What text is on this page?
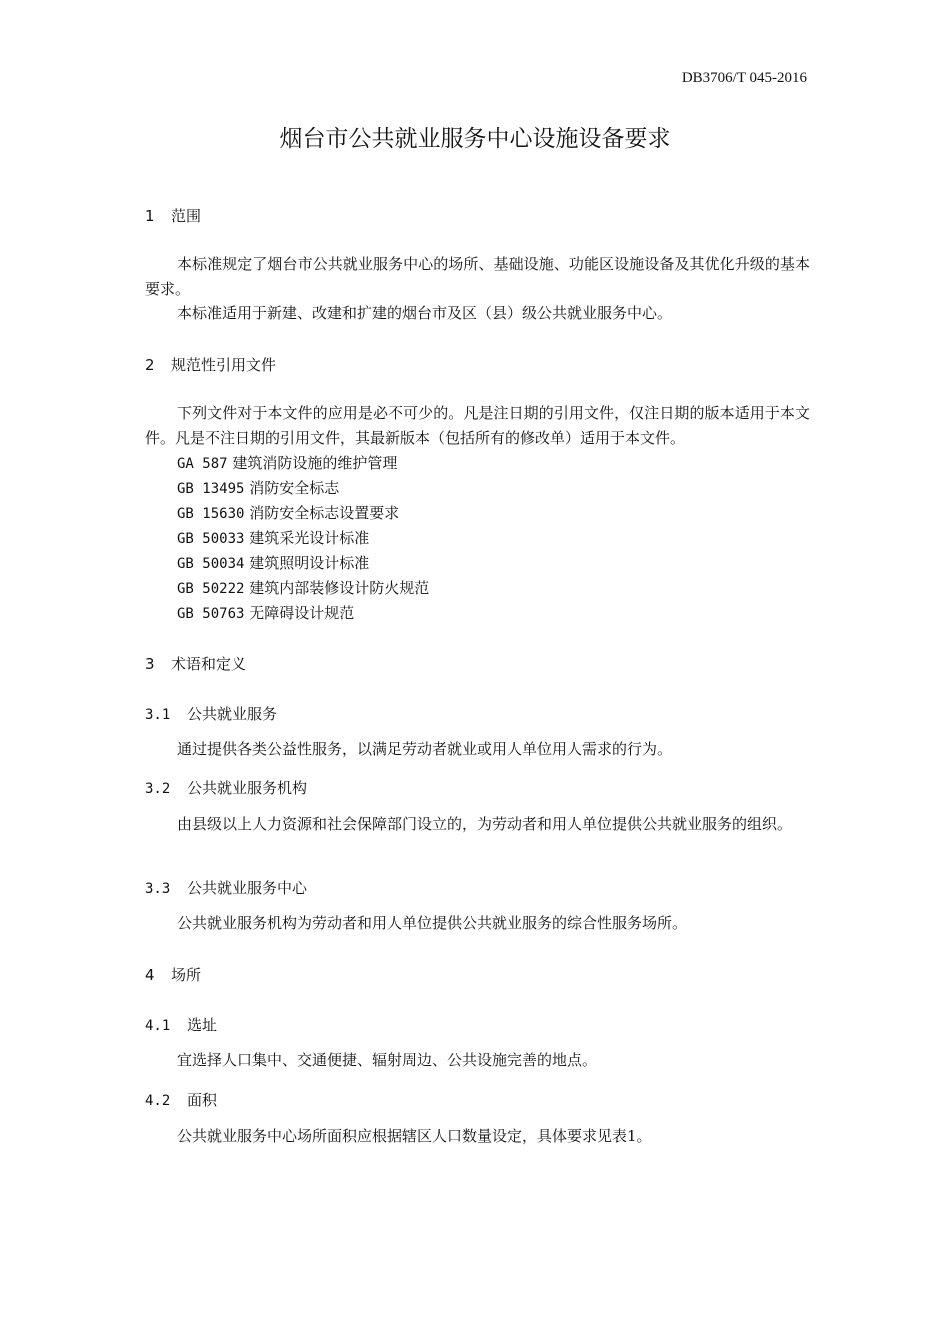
DB3706/T 045-2016
烟台市公共就业服务中心设施设备要求
1 范围
本标准规定了烟台市公共就业服务中心的场所、基础设施、功能区设施设备及其优化升级的基本要求。
本标准适用于新建、改建和扩建的烟台市及区（县）级公共就业服务中心。
2 规范性引用文件
下列文件对于本文件的应用是必不可少的。凡是注日期的引用文件，仅注日期的版本适用于本文件。凡是不注日期的引用文件，其最新版本（包括所有的修改单）适用于本文件。
GA 587 建筑消防设施的维护管理
GB 13495 消防安全标志
GB 15630 消防安全标志设置要求
GB 50033 建筑采光设计标准
GB 50034 建筑照明设计标准
GB 50222 建筑内部装修设计防火规范
GB 50763 无障碍设计规范
3 术语和定义
3.1 公共就业服务
通过提供各类公益性服务，以满足劳动者就业或用人单位用人需求的行为。
3.2 公共就业服务机构
由县级以上人力资源和社会保障部门设立的，为劳动者和用人单位提供公共就业服务的组织。
3.3 公共就业服务中心
公共就业服务机构为劳动者和用人单位提供公共就业服务的综合性服务场所。
4 场所
4.1 选址
宜选择人口集中、交通便捷、辐射周边、公共设施完善的地点。
4.2 面积
公共就业服务中心场所面积应根据辖区人口数量设定，具体要求见表1。
